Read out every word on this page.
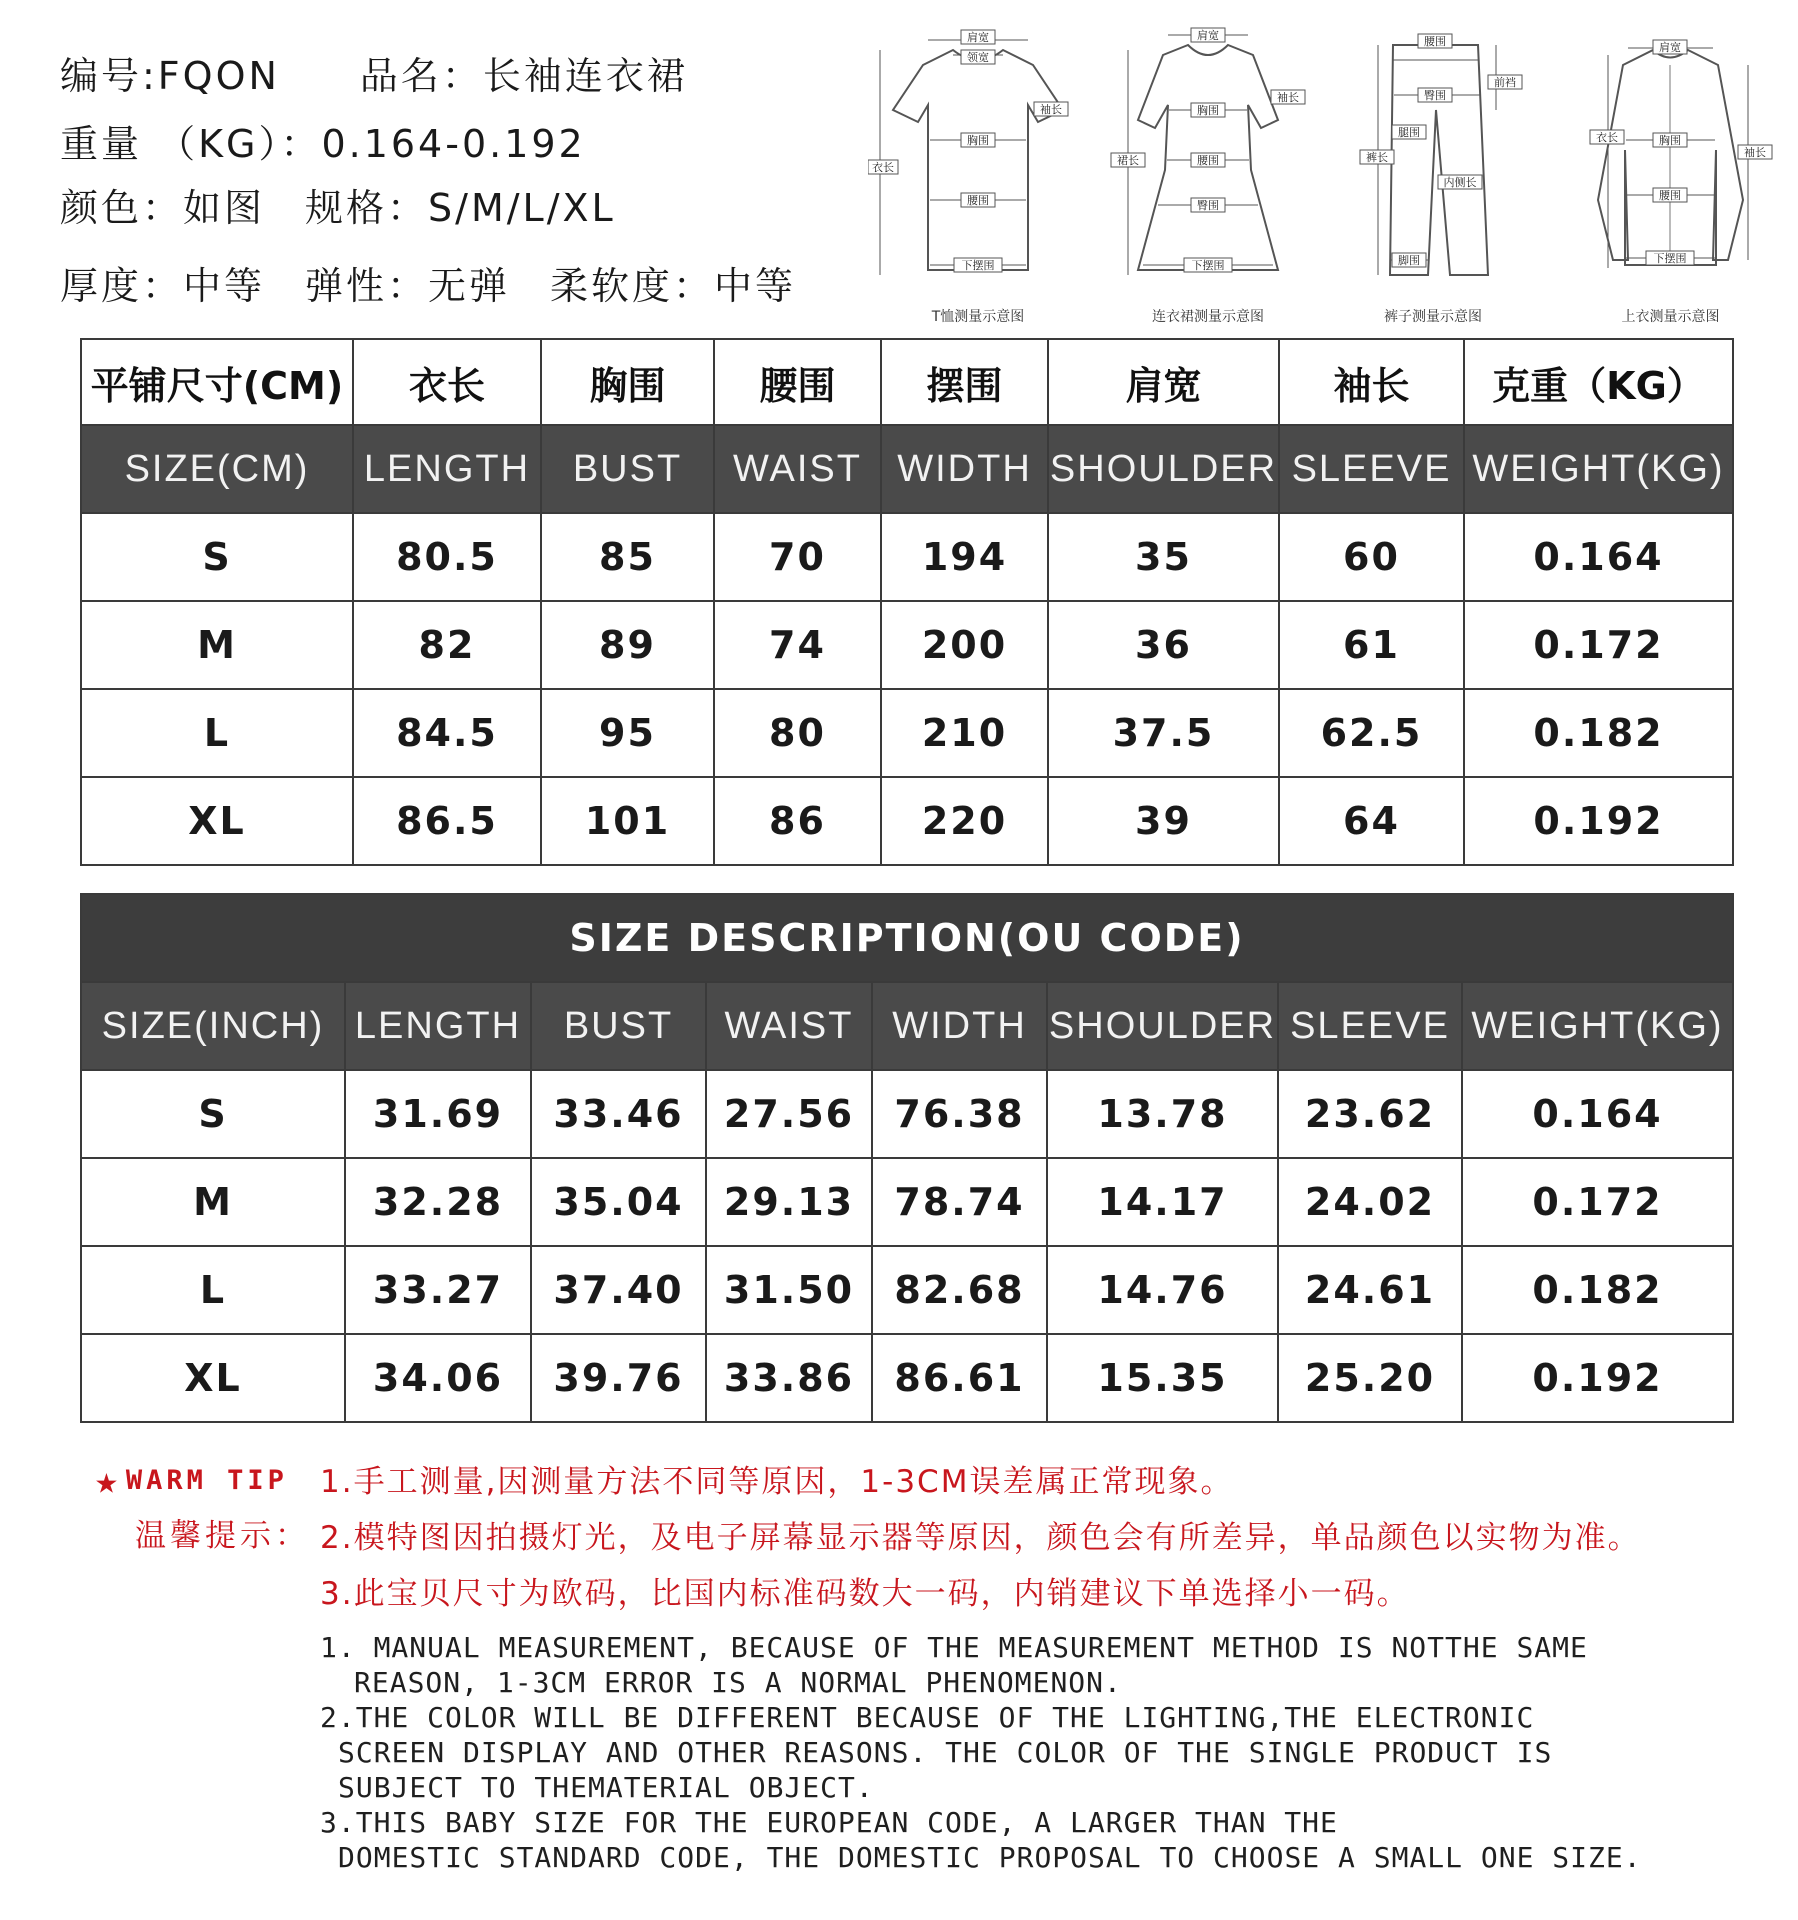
编号:FQON 品名：长袖连衣裙
重量 （KG）：0.164-0.192
颜色：如图 规格：S/M/L/XL
厚度：中等 弹性：无弹 柔软度：中等
肩宽
领宽
袖长
胸围
衣长
腰围
下摆围
T恤测量示意图
肩宽
袖长
胸围
裙长	腰围
臀围
下摆围
连衣裙测量示意图
腰围
前裆
臀围
裤长
腿围
内侧长
脚围
裤子测量示意图
肩宽
衣长	胸围
袖长
腰围
下摆围
上衣测量示意图
平铺尺寸(CM)	衣长	胸围	腰围	摆围	肩宽	袖长	克重（KG）
SIZE(CM)	LENGTH	BUST	WAIST	WIDTH	SHOULDER	SLEEVE	WEIGHT(KG)
S	80.5	85	70	194	35	60	0.164
M	82	89	74	200	36	61	0.172
L	84.5	95	80	210	37.5	62.5	0.182
XL	86.5	101	86	220	39	64	0.192
SIZE DESCRIPTION(OU CODE)							
SIZE(INCH)	LENGTH	BUST	WAIST	WIDTH	SHOULDER	SLEEVE	WEIGHT(KG)
S	31.69	33.46	27.56	76.38	13.78	23.62	0.164
M	32.28	35.04	29.13	78.74	14.17	24.02	0.172
L	33.27	37.40	31.50	82.68	14.76	24.61	0.182
XL	34.06	39.76	33.86	86.61	15.35	25.20	0.192
★ WARM TIP
温馨提示：
1.手工测量,因测量方法不同等原因，1-3CM误差属正常现象。
2.模特图因拍摄灯光，及电子屏幕显示器等原因，颜色会有所差异，单品颜色以实物为准。
3.此宝贝尺寸为欧码，比国内标准码数大一码，内销建议下单选择小一码。

1. MANUAL MEASUREMENT, BECAUSE OF THE MEASUREMENT METHOD IS NOTTHE SAME

REASON, 1-3CM ERROR IS A NORMAL PHENOMENON.

2.THE COLOR WILL BE DIFFERENT BECAUSE OF THE LIGHTING,THE ELECTRONIC

SCREEN DISPLAY AND OTHER REASONS. THE COLOR OF THE SINGLE PRODUCT IS

SUBJECT TO THEMATERIAL OBJECT.

3.THIS BABY SIZE FOR THE EUROPEAN CODE, A LARGER THAN THE

DOMESTIC STANDARD CODE, THE DOMESTIC PROPOSAL TO CHOOSE A SMALL ONE SIZE.
